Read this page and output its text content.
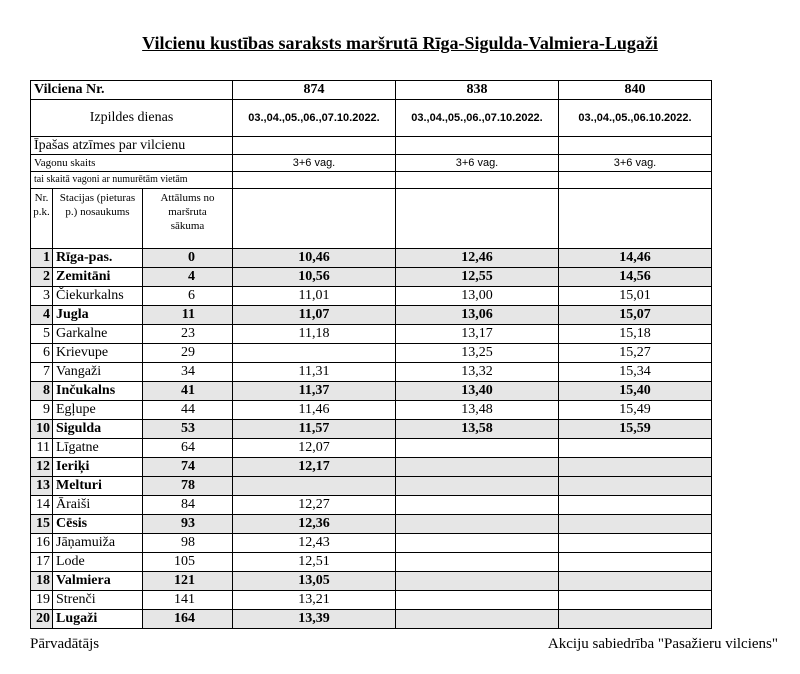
Vilcienu kustības saraksts maršrutā Rīga-Sigulda-Valmiera-Lugaži
Vilciena Nr.			874	838	840
Izpildes dienas			03.,04.,05.,06.,07.10.2022.	03.,04.,05.,06.,07.10.2022.	03.,04.,05.,06.10.2022.
Īpašas atzīmes par vilcienu					
Vagonu skaits			3+6 vag.	3+6 vag.	3+6 vag.
tai skaitā vagoni ar numurētām vietām					
Nr. p.k.	Stacijas (pieturas p.) nosaukums	Attālums no maršruta sākuma			
1	Rīga-pas.	0	10,46	12,46	14,46
2	Zemitāni	4	10,56	12,55	14,56
3	Čiekurkalns	6	11,01	13,00	15,01
4	Jugla	11	11,07	13,06	15,07
5	Garkalne	23	11,18	13,17	15,18
6	Krievupe	29		13,25	15,27
7	Vangaži	34	11,31	13,32	15,34
8	Inčukalns	41	11,37	13,40	15,40
9	Egļupe	44	11,46	13,48	15,49
10	Sigulda	53	11,57	13,58	15,59
11	Līgatne	64	12,07		
12	Ieriķi	74	12,17		
13	Melturi	78			
14	Āraiši	84	12,27		
15	Cēsis	93	12,36		
16	Jāņamuiža	98	12,43		
17	Lode	105	12,51		
18	Valmiera	121	13,05		
19	Strenči	141	13,21		
20	Lugaži	164	13,39		
Pārvadātājs	Akciju sabiedrība "Pasažieru vilciens"
